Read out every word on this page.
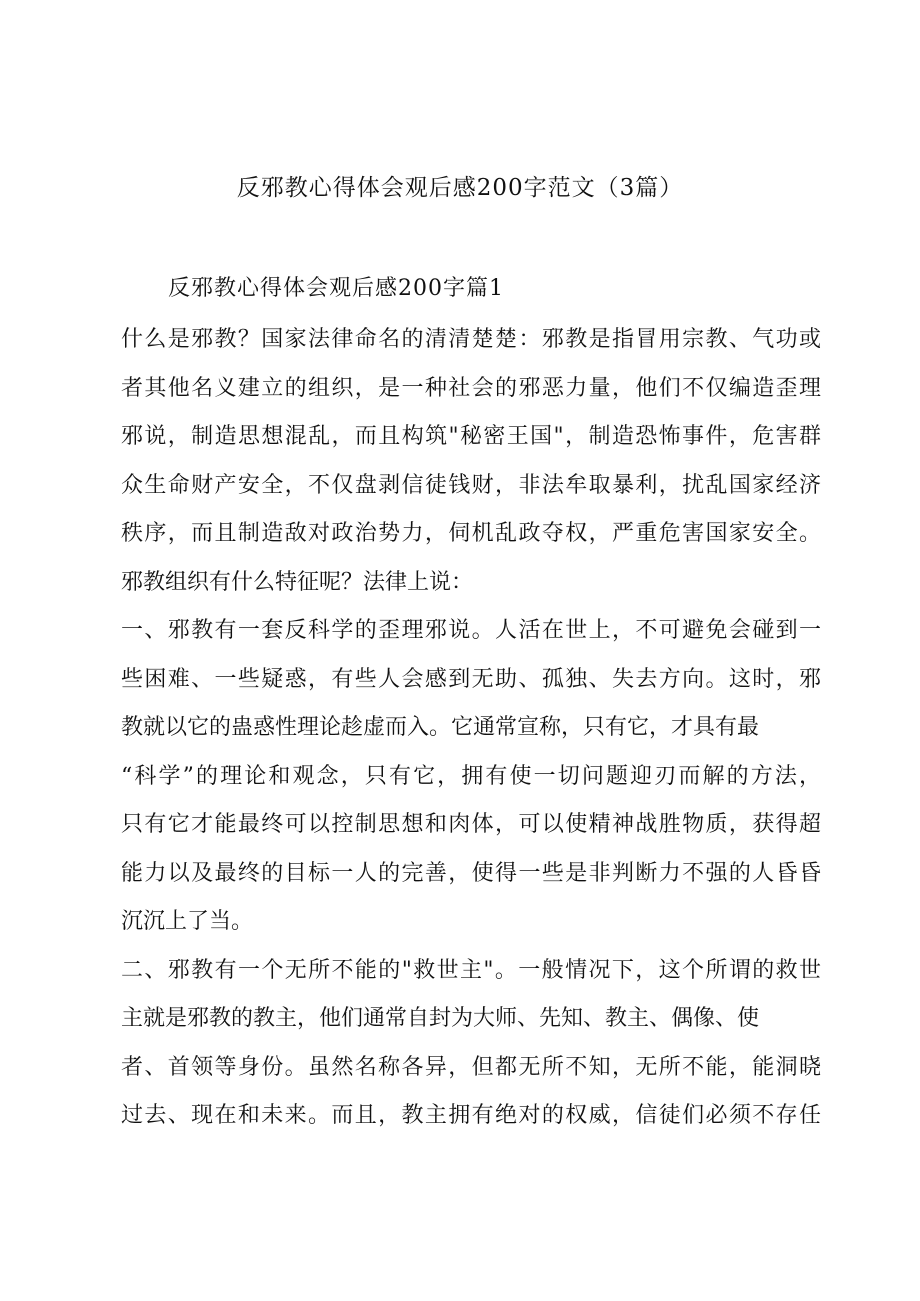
反邪教心得体会观后感200字范文（3篇）
反邪教心得体会观后感200字篇1
什么是邪教？国家法律命名的清清楚楚：邪教是指冒用宗教、气功或
者其他名义建立的组织，是一种社会的邪恶力量，他们不仅编造歪理
邪说，制造思想混乱，而且构筑"秘密王国"，制造恐怖事件，危害群
众生命财产安全，不仅盘剥信徒钱财，非法牟取暴利，扰乱国家经济
秩序，而且制造敌对政治势力，伺机乱政夺权，严重危害国家安全。
邪教组织有什么特征呢？法律上说：
一、邪教有一套反科学的歪理邪说。人活在世上，不可避免会碰到一
些困难、一些疑惑，有些人会感到无助、孤独、失去方向。这时，邪
教就以它的蛊惑性理论趁虚而入。它通常宣称，只有它，才具有最
“科学”的理论和观念，只有它，拥有使一切问题迎刃而解的方法，
只有它才能最终可以控制思想和肉体，可以使精神战胜物质，获得超
能力以及最终的目标一人的完善，使得一些是非判断力不强的人昏昏
沉沉上了当。
二、邪教有一个无所不能的"救世主"。一般情况下，这个所谓的救世
主就是邪教的教主，他们通常自封为大师、先知、教主、偶像、使
者、首领等身份。虽然名称各异，但都无所不知，无所不能，能洞晓
过去、现在和未来。而且，教主拥有绝对的权威，信徒们必须不存任
